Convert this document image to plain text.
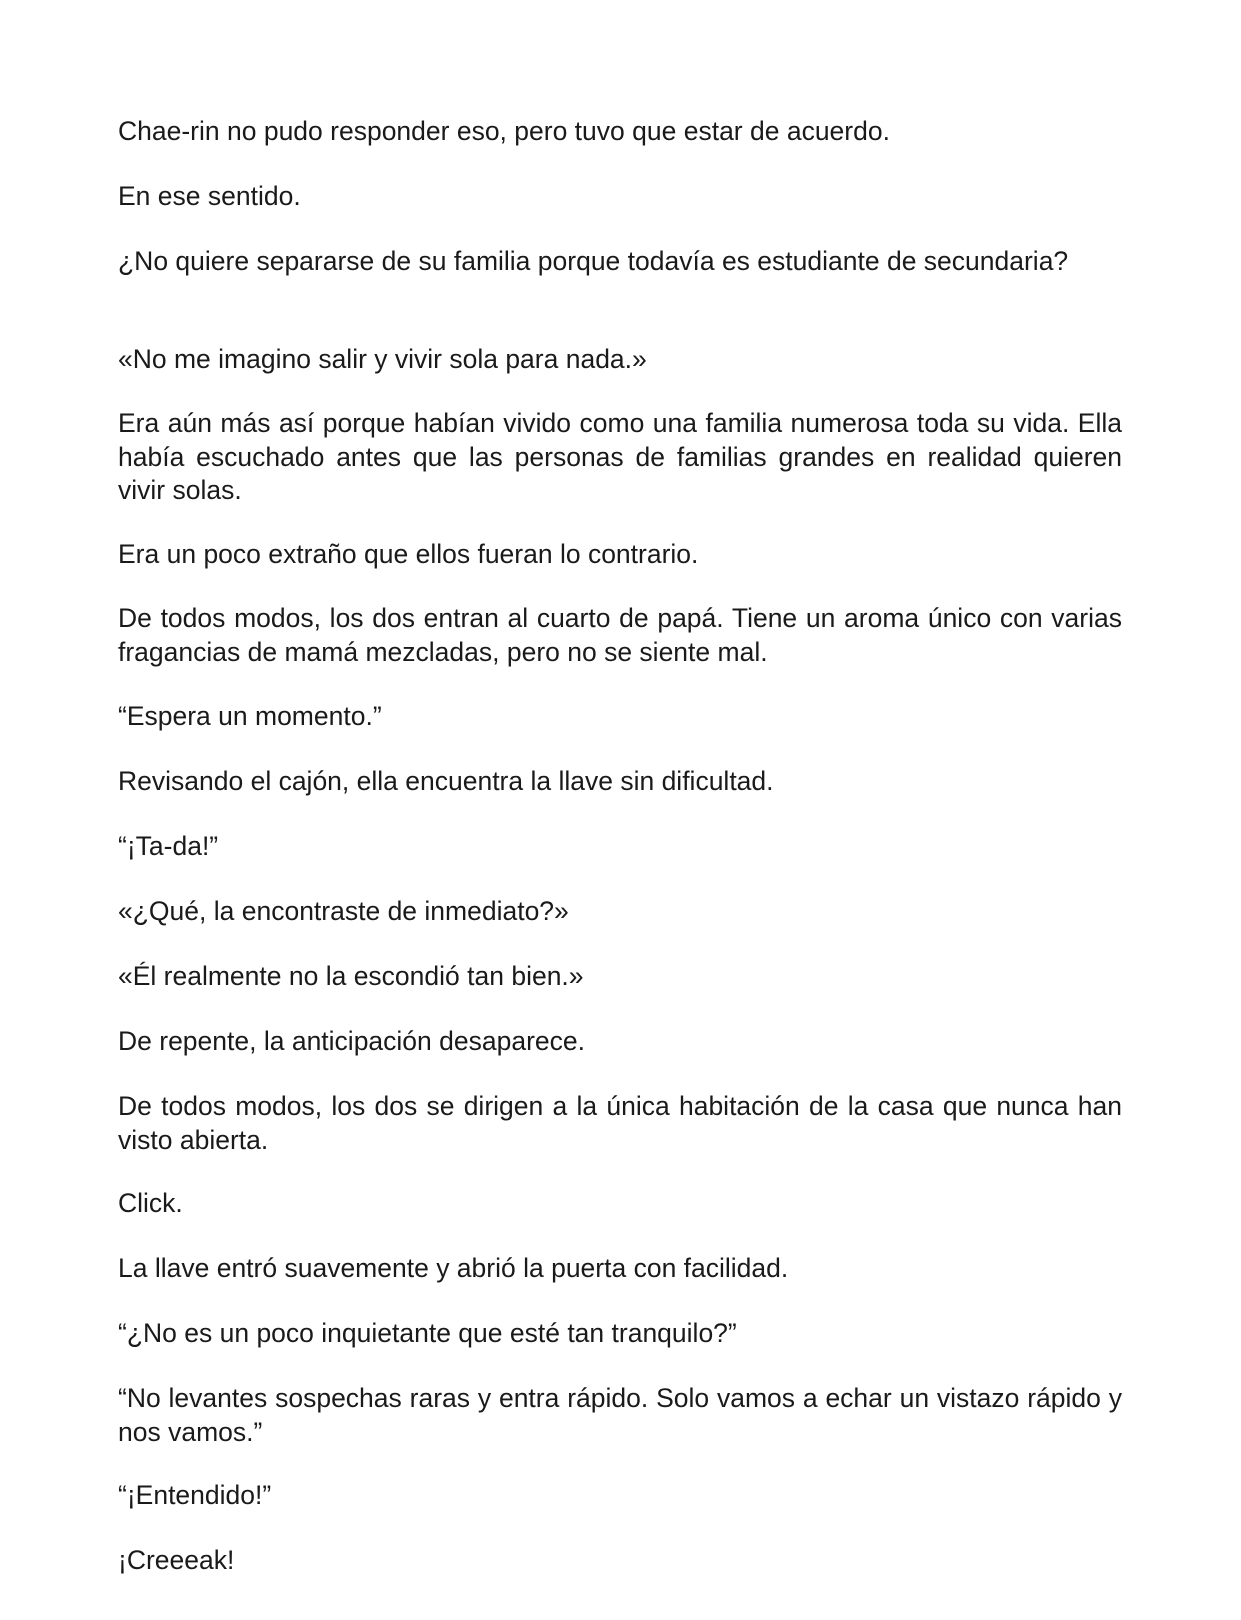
Chae-rin no pudo responder eso, pero tuvo que estar de acuerdo.

En ese sentido.

¿No quiere separarse de su familia porque todavía es estudiante de secundaria?

«No me imagino salir y vivir sola para nada.»

Era aún más así porque habían vivido como una familia numerosa toda su vida. Ella había escuchado antes que las personas de familias grandes en realidad quieren vivir solas.

Era un poco extraño que ellos fueran lo contrario.

De todos modos, los dos entran al cuarto de papá. Tiene un aroma único con varias fragancias de mamá mezcladas, pero no se siente mal.

“Espera un momento.”

Revisando el cajón, ella encuentra la llave sin dificultad.

“¡Ta-da!”

«¿Qué, la encontraste de inmediato?»

«Él realmente no la escondió tan bien.»

De repente, la anticipación desaparece.

De todos modos, los dos se dirigen a la única habitación de la casa que nunca han visto abierta.

Click.

La llave entró suavemente y abrió la puerta con facilidad.

“¿No es un poco inquietante que esté tan tranquilo?”

“No levantes sospechas raras y entra rápido. Solo vamos a echar un vistazo rápido y nos vamos.”

“¡Entendido!”

¡Creeeak!
